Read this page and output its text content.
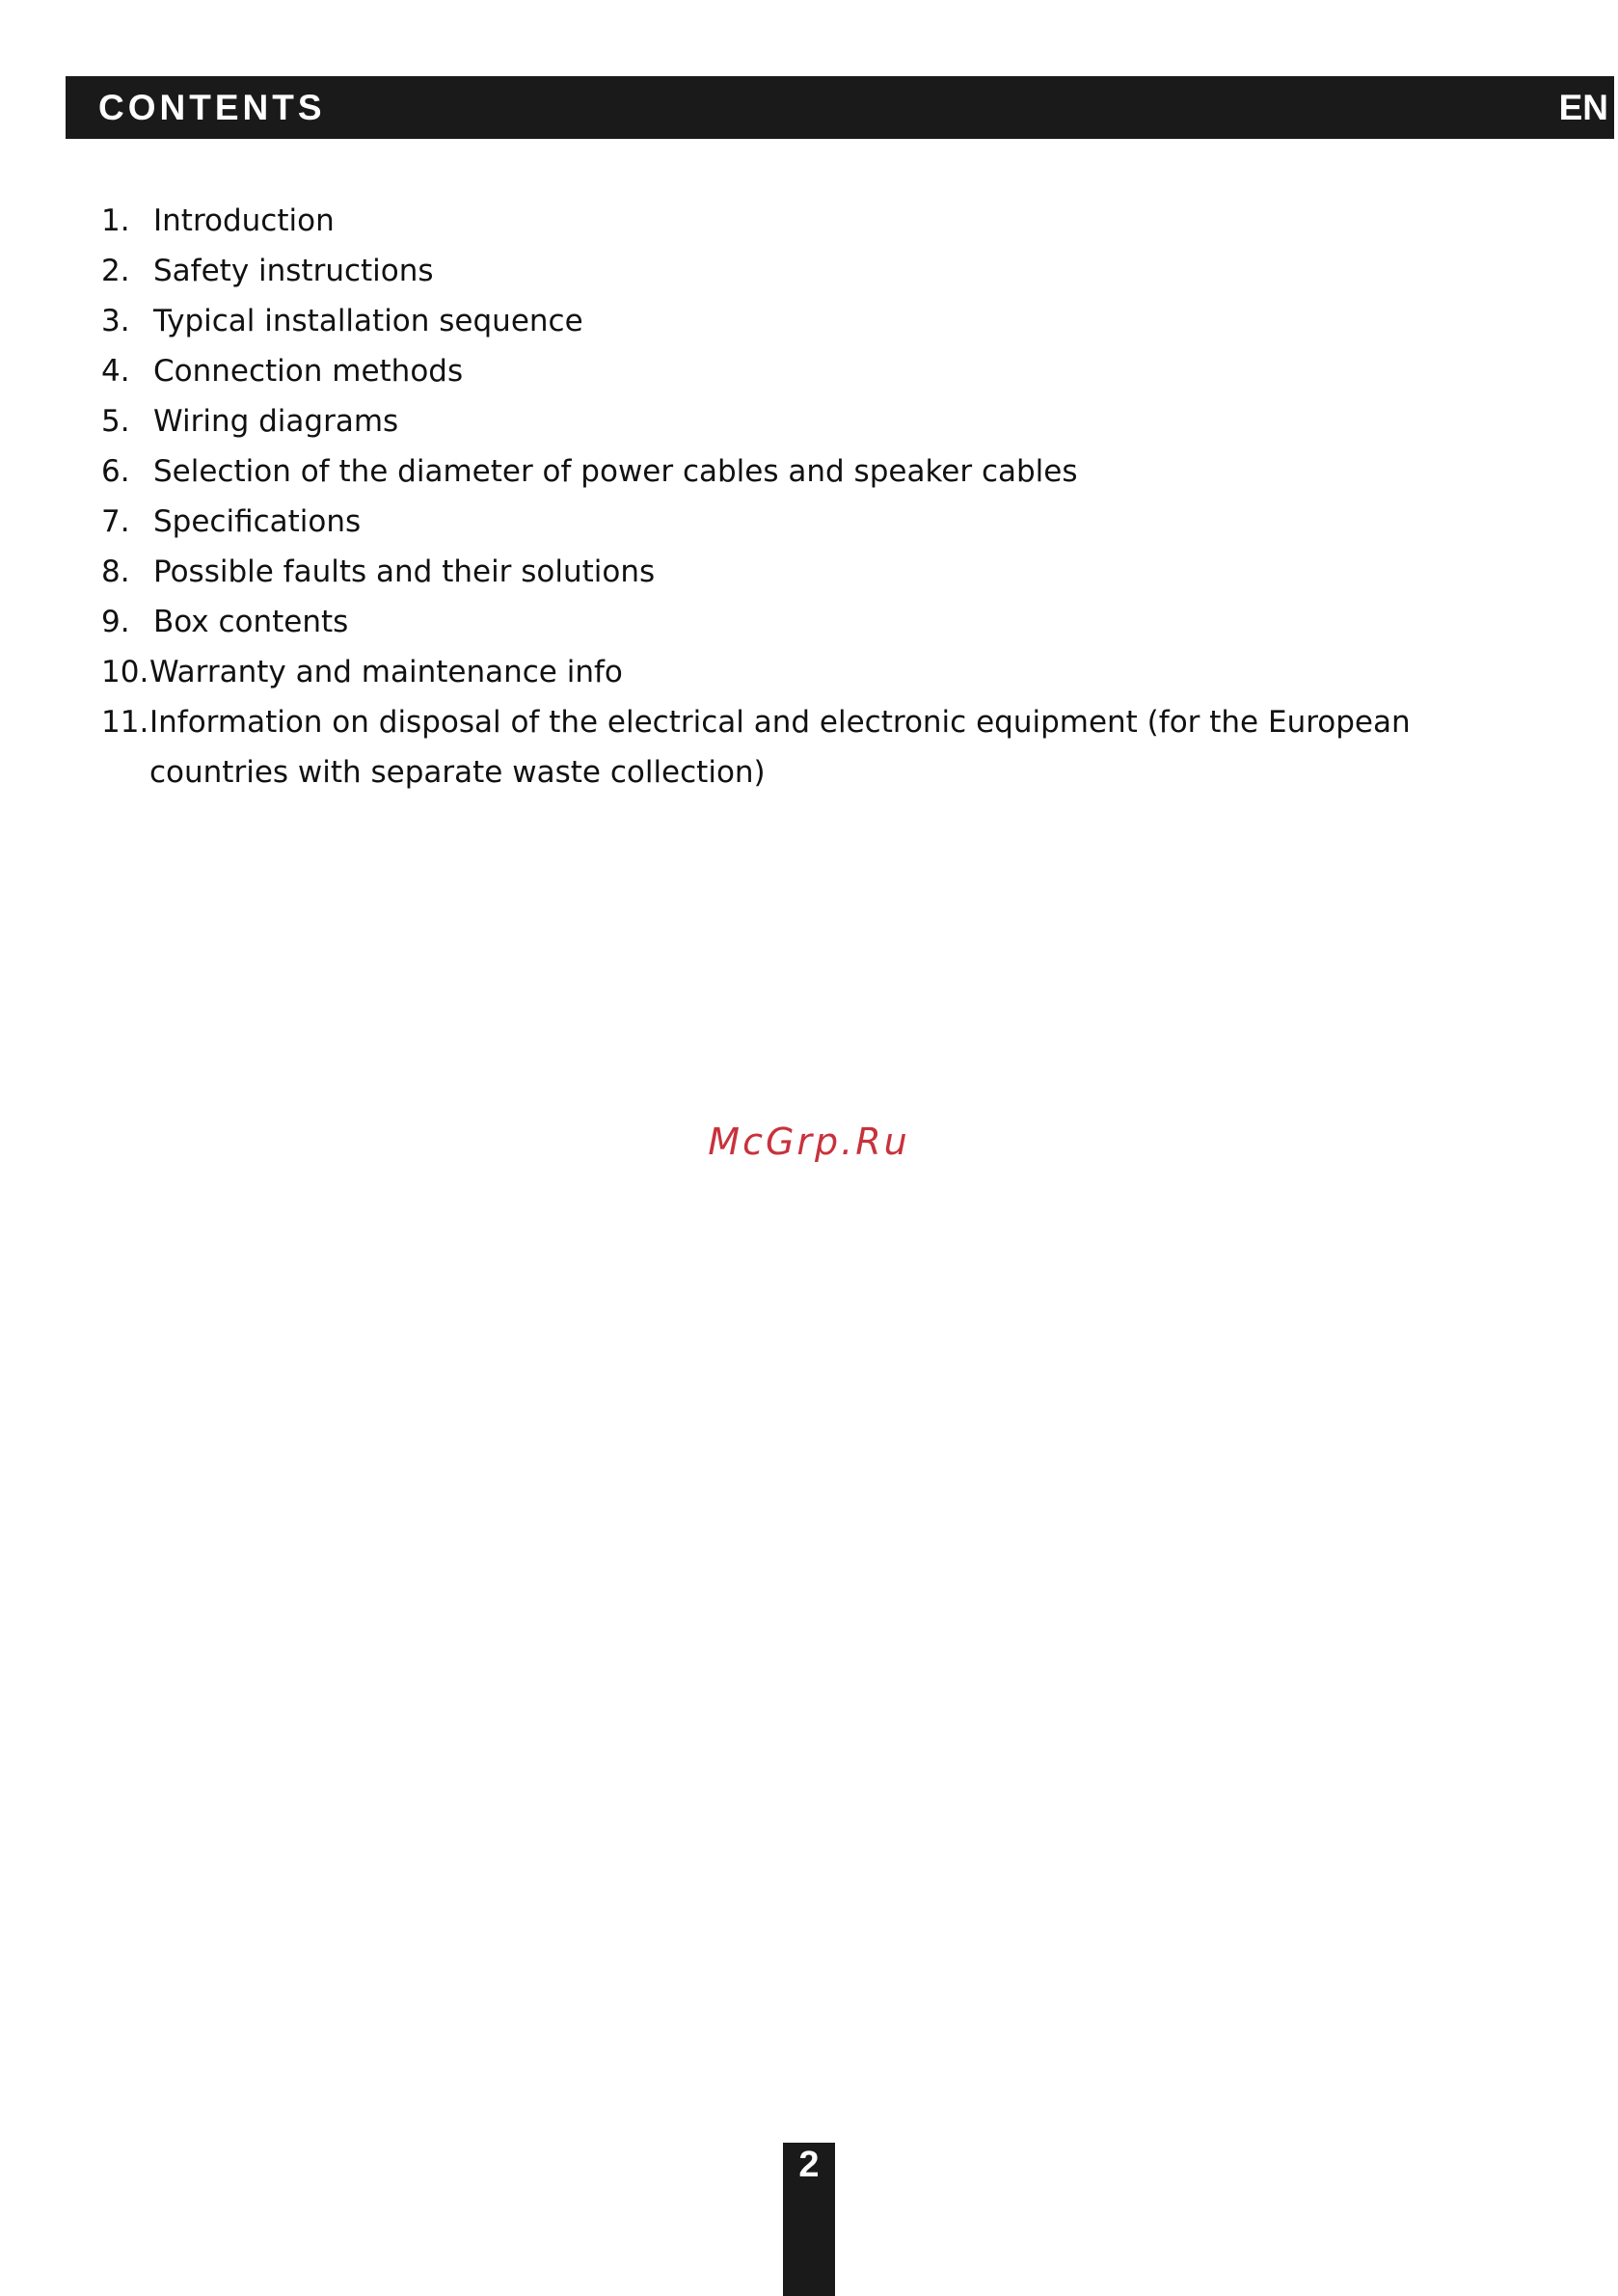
CONTENTS	EN
1. Introduction
2. Safety instructions
3. Typical installation sequence
4. Connection methods
5. Wiring diagrams
6. Selection of the diameter of power cables and speaker cables
7. Specifications
8. Possible faults and their solutions
9. Box contents
10. Warranty and maintenance info
11. Information on disposal of the electrical and electronic equipment (for the European countries with separate waste collection)
McGrp.Ru
2
